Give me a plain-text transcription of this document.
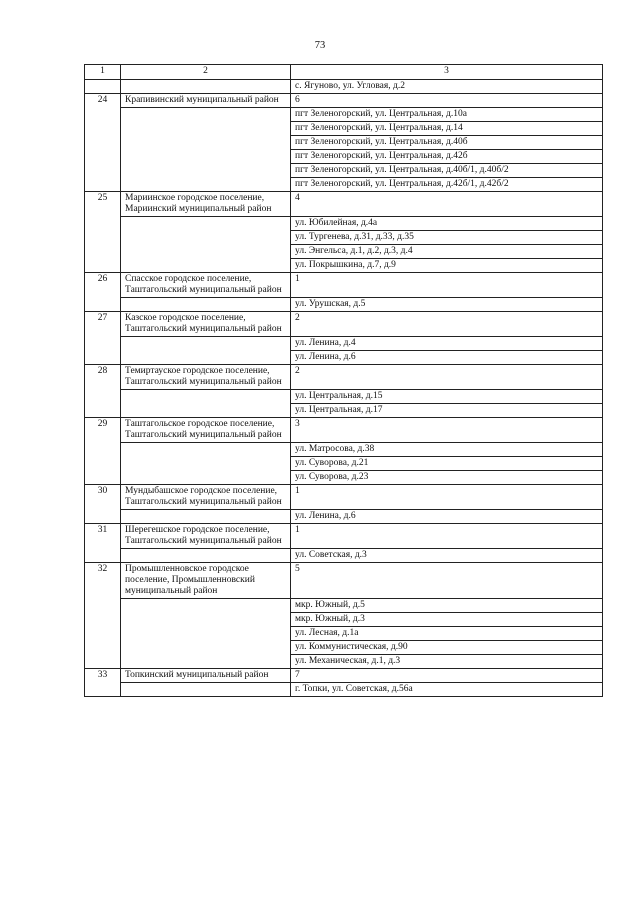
73
1	2	3
		с. Ягуново, ул. Угловая, д.2
24	Крапивинский муниципальный район	6
		пгт Зеленогорский, ул. Центральная, д.10а
		пгт Зеленогорский, ул. Центральная, д.14
		пгт Зеленогорский, ул. Центральная, д.40б
		пгт Зеленогорский, ул. Центральная, д.42б
		пгт Зеленогорский, ул. Центральная, д.40б/1, д.40б/2
		пгт Зеленогорский, ул. Центральная, д.42б/1, д.42б/2
25	Мариинское городское поселение, Мариинский муниципальный район	4
		ул. Юбилейная, д.4а
		ул. Тургенева, д.31, д.33, д.35
		ул. Энгельса, д.1, д.2, д.3, д.4
		ул. Покрышкина, д.7, д.9
26	Спасское городское поселение, Таштагольский муниципальный район	1
		ул. Урушская, д.5
27	Казское городское поселение, Таштагольский муниципальный район	2
		ул. Ленина, д.4
		ул. Ленина, д.6
28	Темиртауское городское поселение, Таштагольский муниципальный район	2
		ул. Центральная, д.15
		ул. Центральная, д.17
29	Таштагольское городское поселение, Таштагольский муниципальный район	3
		ул. Матросова, д.38
		ул. Суворова, д.21
		ул. Суворова, д.23
30	Мундыбашское городское поселение, Таштагольский муниципальный район	1
		ул. Ленина, д.6
31	Шерегешское городское поселение, Таштагольский муниципальный район	1
		ул. Советская, д.3
32	Промышленновское городское поселение, Промышленновский муниципальный район	5
		мкр. Южный, д.5
		мкр. Южный, д.3
		ул. Лесная, д.1а
		ул. Коммунистическая, д.90
		ул. Механическая, д.1, д.3
33	Топкинский муниципальный район	7
		г. Топки, ул. Советская, д.56а
